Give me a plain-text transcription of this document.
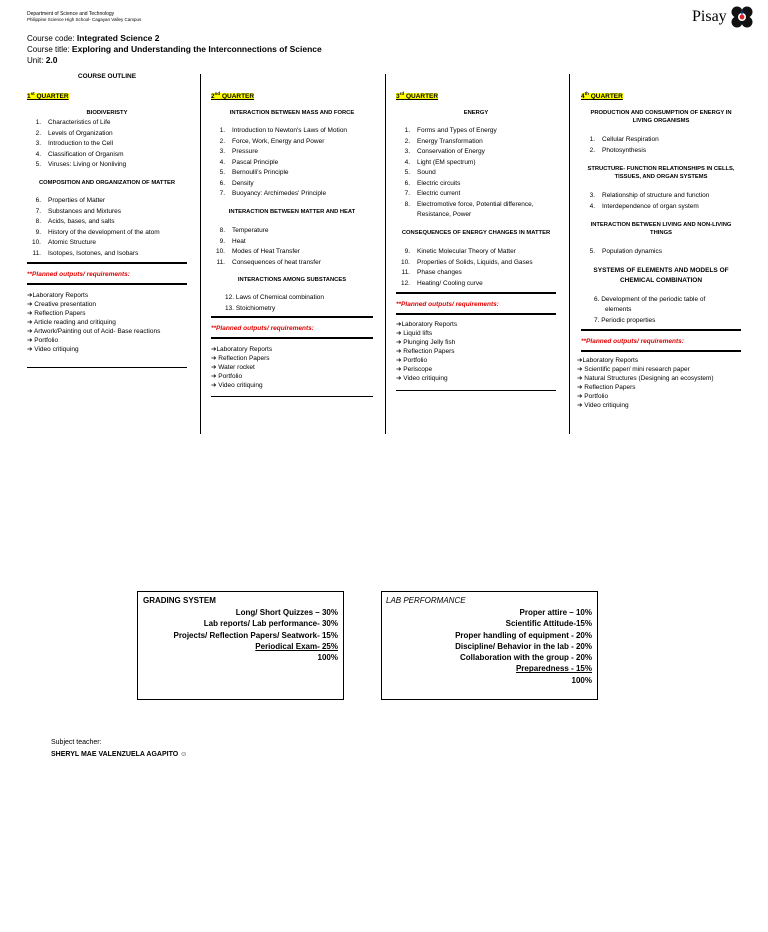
Department of Science and Technology
Philippine Science High School- Cagayan Valley Campus
Course code: Integrated Science 2
Course title: Exploring and Understanding the Interconnections of Science
Unit: 2.0
Pisay
COURSE OUTLINE
1st QUARTER
BIODIVERISTY
1. Characteristics of Life
2. Levels of Organization
3. Introduction to the Cell
4. Classification of Organism
5. Viruses: Living or Nonliving
COMPOSITION AND ORGANIZATION OF MATTER
6. Properties of Matter
7. Substances and Mixtures
8. Acids, bases, and salts
9. History of the development of the atom
10. Atomic Structure
11. Isotopes, Isotones, and Isobars
**Planned outputs/ requirements:
➔Laboratory Reports
➔ Creative presentation
➔ Reflection Papers
➔ Article reading and critiquing
➔ Artwork/Painting out of Acid- Base reactions
➔ Portfolio
➔ Video critiquing
2nd QUARTER
INTERACTION BETWEEN MASS AND FORCE
1. Introduction to Newton's Laws of Motion
2. Force, Work, Energy and Power
3. Pressure
4. Pascal Principle
5. Bernoulli's Principle
6. Density
7. Buoyancy: Archimedes' Principle
INTERACTION BETWEEN MATTER AND HEAT
8. Temperature
9. Heat
10. Modes of Heat Transfer
11. Consequences of heat transfer
INTERACTIONS AMONG SUBSTANCES
12. Laws of Chemical combination
13. Stoichiometry
**Planned outputs/ requirements:
➔Laboratory Reports
➔ Reflection Papers
➔ Water rocket
➔ Portfolio
➔ Video critiquing
3rd QUARTER
ENERGY
1. Forms and Types of Energy
2. Energy Transformation
3. Conservation of Energy
4. Light (EM spectrum)
5. Sound
6. Electric circuits
7. Electric current
8. Electromotive force, Potential difference,
Resistance, Power
CONSEQUENCES OF ENERGY CHANGES IN MATTER
9. Kinetic Molecular Theory of Matter
10. Properties of Solids, Liquids, and Gases
11. Phase changes
12. Heating/ Cooling curve
**Planned outputs/ requirements:
➔Laboratory Reports
➔ Liquid lifts
➔ Plunging Jelly fish
➔ Reflection Papers
➔ Portfolio
➔ Periscope
➔ Video critiquing
4th QUARTER
PRODUCTION AND CONSUMPTION OF ENERGY IN LIVING ORGANISMS
1. Cellular Respiration
2. Photosynthesis
STRUCTURE- FUNCTION RELATIONSHIPS IN CELLS, TISSUES, AND ORGAN SYSTEMS
3. Relationship of structure and function
4. Interdependence of organ system
INTERACTION BETWEEN LIVING AND NON-LIVING THINGS
5. Population dynamics
SYSTEMS OF ELEMENTS AND MODELS OF CHEMICAL COMBINATION
6. Development of the periodic table of
elements
7. Periodic properties
**Planned outputs/ requirements:
➔Laboratory Reports
➔ Scientific paper/ mini research paper
➔ Natural Structures (Designing an ecosystem)
➔ Reflection Papers
➔ Portfolio
➔ Video critiquing
GRADING SYSTEM
Long/ Short Quizzes – 30%
Lab reports/ Lab performance- 30%
Projects/ Reflection Papers/ Seatwork- 15%
Periodical Exam- 25%
100%
LAB PERFORMANCE
Proper attire – 10%
Scientific Attitude-15%
Proper handling of equipment - 20%
Discipline/ Behavior in the lab - 20%
Collaboration with the group - 20%
Preparedness - 15%
100%
Subject teacher:
SHERYL MAE VALENZUELA AGAPITO ☺
